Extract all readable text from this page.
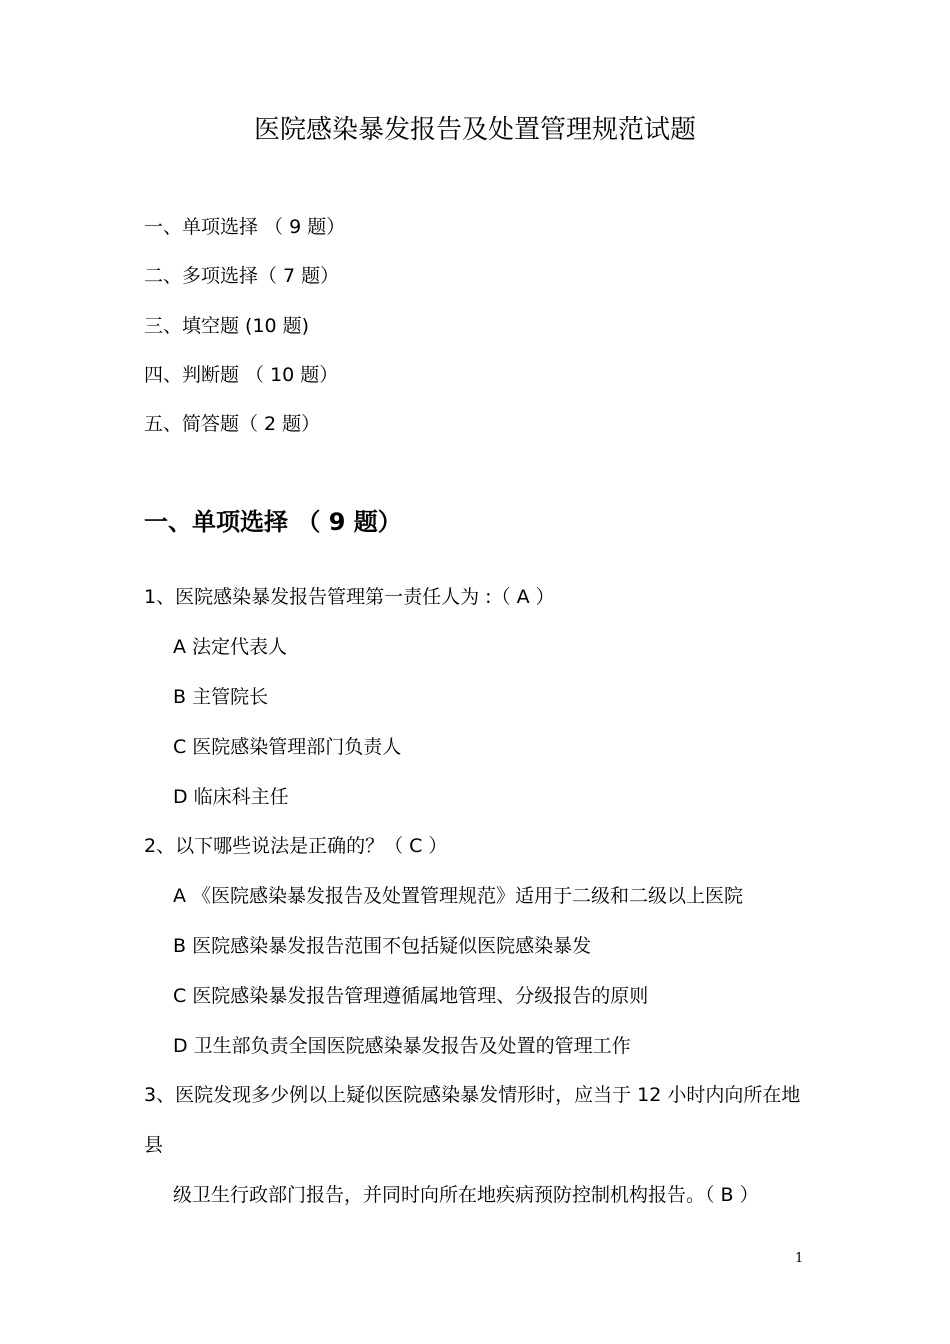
医院感染暴发报告及处置管理规范试题
一、单项选择 （ 9 题）
二、多项选择（ 7 题）
三、填空题 (10 题)
四、判断题 （ 10 题）
五、简答题（ 2 题）
一、单项选择 （ 9 题）
1、医院感染暴发报告管理第一责任人为 :（ A ）
A 法定代表人
B 主管院长
C 医院感染管理部门负责人
D 临床科主任
2、以下哪些说法是正确的？（ C ）
A 《医院感染暴发报告及处置管理规范》适用于二级和二级以上医院
B 医院感染暴发报告范围不包括疑似医院感染暴发
C 医院感染暴发报告管理遵循属地管理、分级报告的原则
D 卫生部负责全国医院感染暴发报告及处置的管理工作
3、医院发现多少例以上疑似医院感染暴发情形时，应当于 12 小时内向所在地
县
级卫生行政部门报告，并同时向所在地疾病预防控制机构报告。（ B ）
1
